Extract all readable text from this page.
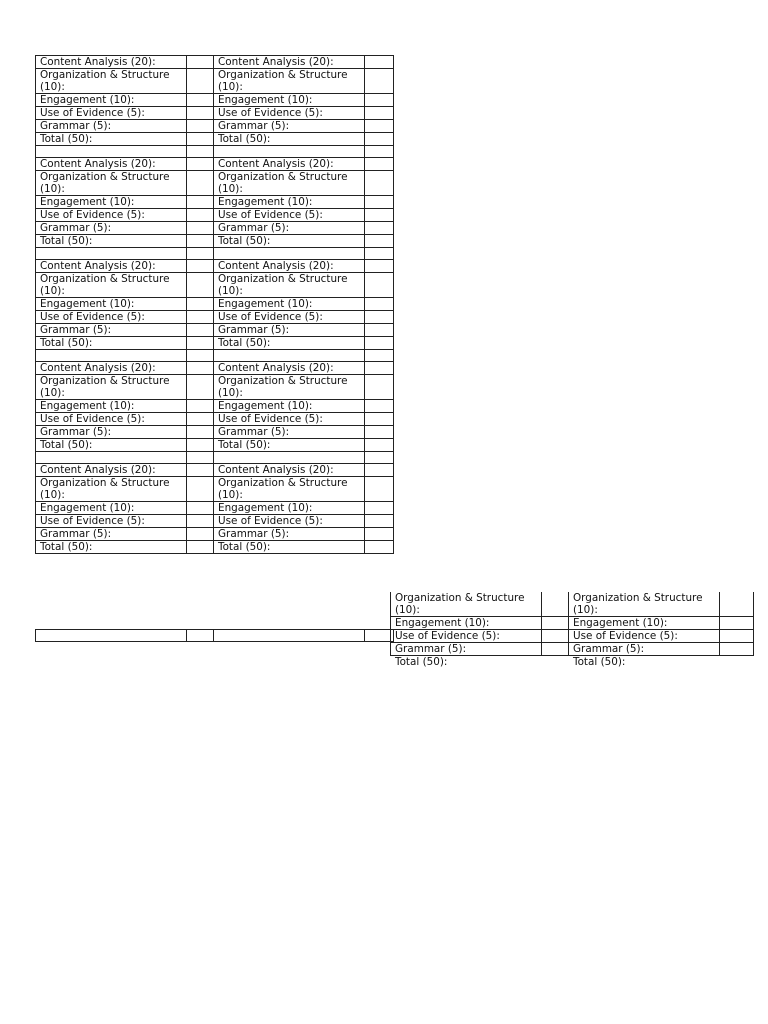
Content Analysis (20):		Content Analysis (20):	
Organization & Structure (10):		Organization & Structure (10):	
Engagement (10):		Engagement (10):	
Use of Evidence (5):		Use of Evidence (5):	
Grammar (5):		Grammar (5):	
Total (50):		Total (50):	

Content Analysis (20):		Content Analysis (20):	
Organization & Structure (10):		Organization & Structure (10):	
Engagement (10):		Engagement (10):	
Use of Evidence (5):		Use of Evidence (5):	
Grammar (5):		Grammar (5):	
Total (50):		Total (50):	

Content Analysis (20):		Content Analysis (20):	
Organization & Structure (10):		Organization & Structure (10):	
Engagement (10):		Engagement (10):	
Use of Evidence (5):		Use of Evidence (5):	
Grammar (5):		Grammar (5):	
Total (50):		Total (50):	

Content Analysis (20):		Content Analysis (20):	
Organization & Structure (10):		Organization & Structure (10):	
Engagement (10):		Engagement (10):	
Use of Evidence (5):		Use of Evidence (5):	
Grammar (5):		Grammar (5):	
Total (50):		Total (50):	

Content Analysis (20):		Content Analysis (20):	
Organization & Structure (10):		Organization & Structure (10):	
Engagement (10):		Engagement (10):	
Use of Evidence (5):		Use of Evidence (5):	
Grammar (5):		Grammar (5):	
Total (50):		Total (50):	

Organization & Structure (10):		Organization & Structure (10):	
Engagement (10):		Engagement (10):	
Use of Evidence (5):		Use of Evidence (5):	
Grammar (5):		Grammar (5):	
Total (50):		Total (50):	
